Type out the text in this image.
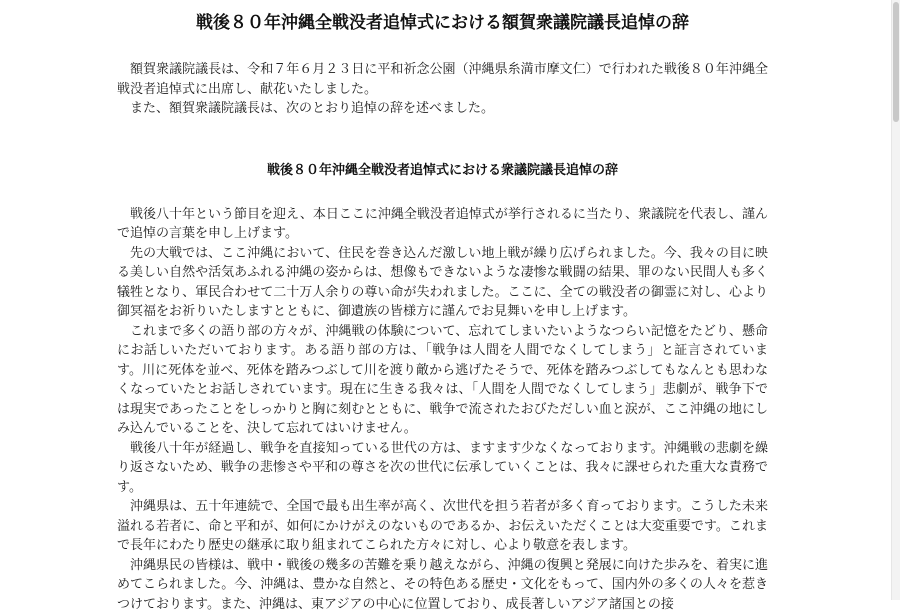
戦後８０年沖縄全戦没者追悼式における額賀衆議院議長追悼の辞

額賀衆議院議長は、令和７年６月２３日に平和祈念公園（沖縄県糸満市摩文仁）で行われた戦後８０年沖縄全戦没者追悼式に出席し、献花いたしました。

また、額賀衆議院議長は、次のとおり追悼の辞を述べました。

戦後８０年沖縄全戦没者追悼式における衆議院議長追悼の辞

戦後八十年という節目を迎え、本日ここに沖縄全戦没者追悼式が挙行されるに当たり、衆議院を代表し、謹んで追悼の言葉を申し上げます。

先の大戦では、ここ沖縄において、住民を巻き込んだ激しい地上戦が繰り広げられました。今、我々の目に映る美しい自然や活気あふれる沖縄の姿からは、想像もできないような凄惨な戦闘の結果、罪のない民間人も多く犠牲となり、軍民合わせて二十万人余りの尊い命が失われました。ここに、全ての戦没者の御霊に対し、心より御冥福をお祈りいたしますとともに、御遺族の皆様方に謹んでお見舞いを申し上げます。

これまで多くの語り部の方々が、沖縄戦の体験について、忘れてしまいたいようなつらい記憶をたどり、懸命にお話しいただいております。ある語り部の方は、「戦争は人間を人間でなくしてしまう」と証言されています。川に死体を並べ、死体を踏みつぶして川を渡り敵から逃げたそうで、死体を踏みつぶしてもなんとも思わなくなっていたとお話しされています。現在に生きる我々は、「人間を人間でなくしてしまう」悲劇が、戦争下では現実であったことをしっかりと胸に刻むとともに、戦争で流されたおびただしい血と涙が、ここ沖縄の地にしみ込んでいることを、決して忘れてはいけません。

戦後八十年が経過し、戦争を直接知っている世代の方は、ますます少なくなっております。沖縄戦の悲劇を繰り返さないため、戦争の悲惨さや平和の尊さを次の世代に伝承していくことは、我々に課せられた重大な責務です。

沖縄県は、五十年連続で、全国で最も出生率が高く、次世代を担う若者が多く育っております。こうした未来溢れる若者に、命と平和が、如何にかけがえのないものであるか、お伝えいただくことは大変重要です。これまで長年にわたり歴史の継承に取り組まれてこられた方々に対し、心より敬意を表します。

沖縄県民の皆様は、戦中・戦後の幾多の苦難を乗り越えながら、沖縄の復興と発展に向けた歩みを、着実に進めてこられました。今、沖縄は、豊かな自然と、その特色ある歴史・文化をもって、国内外の多くの人々を惹きつけております。また、沖縄は、東アジアの中心に位置しており、成長著しいアジア諸国との接
